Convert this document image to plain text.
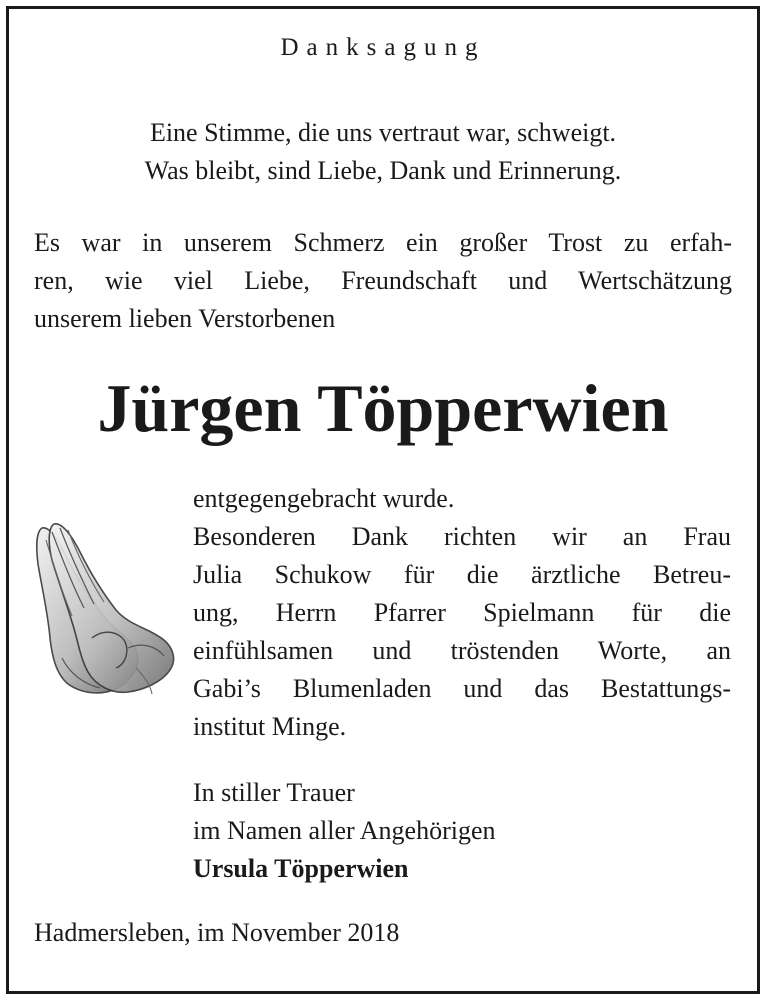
Danksagung
Eine Stimme, die uns vertraut war, schweigt.
Was bleibt, sind Liebe, Dank und Erinnerung.
Es war in unserem Schmerz ein großer Trost zu erfah-
ren, wie viel Liebe, Freundschaft und Wertschätzung
unserem lieben Verstorbenen
Jürgen Töpperwien
entgegengebracht wurde.
Besonderen Dank richten wir an Frau
Julia Schukow für die ärztliche Betreu-
ung, Herrn Pfarrer Spielmann für die
einfühlsamen und tröstenden Worte, an
Gabi’s Blumenladen und das Bestattungs-
institut Minge.
In stiller Trauer
im Namen aller Angehörigen
Ursula Töpperwien
Hadmersleben, im November 2018
